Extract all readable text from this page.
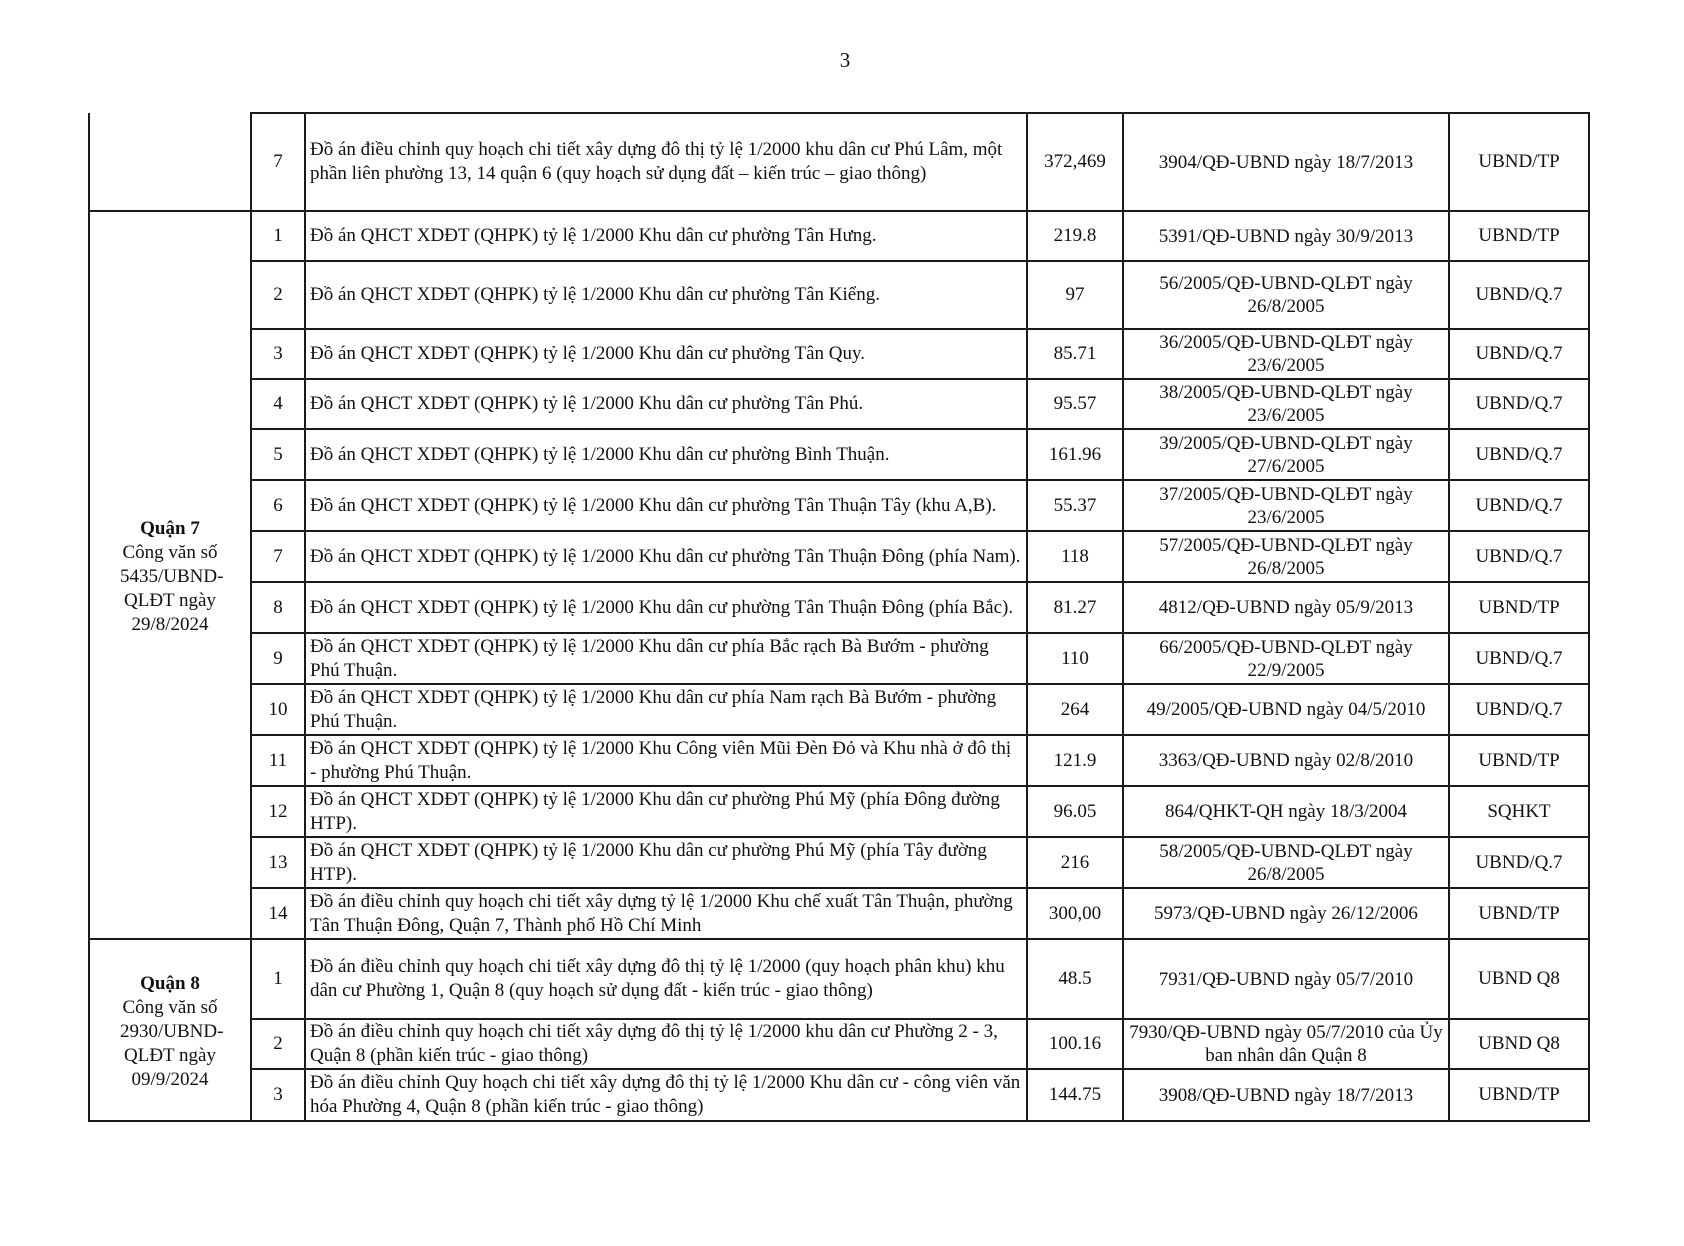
3
	7	Đồ án điều chỉnh quy hoạch chi tiết xây dựng đô thị tỷ lệ 1/2000 khu dân cư Phú Lâm, một phần liên phường 13, 14 quận 6 (quy hoạch sử dụng đất – kiến trúc – giao thông)	372,469	3904/QĐ-UBND ngày 18/7/2013	UBND/TP

Quận 7
Công văn số 5435/UBND-QLĐT ngày 29/8/2024	1	Đồ án QHCT XDĐT (QHPK) tỷ lệ 1/2000 Khu dân cư phường Tân Hưng.	219.8	5391/QĐ-UBND ngày 30/9/2013	UBND/TP
	2	Đồ án QHCT XDĐT (QHPK) tỷ lệ 1/2000 Khu dân cư phường Tân Kiểng.	97	56/2005/QĐ-UBND-QLĐT ngày 26/8/2005	UBND/Q.7
	3	Đồ án QHCT XDĐT (QHPK) tỷ lệ 1/2000 Khu dân cư phường Tân Quy.	85.71	36/2005/QĐ-UBND-QLĐT ngày 23/6/2005	UBND/Q.7
	4	Đồ án QHCT XDĐT (QHPK) tỷ lệ 1/2000 Khu dân cư phường Tân Phú.	95.57	38/2005/QĐ-UBND-QLĐT ngày 23/6/2005	UBND/Q.7
	5	Đồ án QHCT XDĐT (QHPK) tỷ lệ 1/2000 Khu dân cư phường Bình Thuận.	161.96	39/2005/QĐ-UBND-QLĐT ngày 27/6/2005	UBND/Q.7
	6	Đồ án QHCT XDĐT (QHPK) tỷ lệ 1/2000 Khu dân cư phường Tân Thuận Tây (khu A,B).	55.37	37/2005/QĐ-UBND-QLĐT ngày 23/6/2005	UBND/Q.7
	7	Đồ án QHCT XDĐT (QHPK) tỷ lệ 1/2000 Khu dân cư phường Tân Thuận Đông (phía Nam).	118	57/2005/QĐ-UBND-QLĐT ngày 26/8/2005	UBND/Q.7
	8	Đồ án QHCT XDĐT (QHPK) tỷ lệ 1/2000 Khu dân cư phường Tân Thuận Đông (phía Bắc).	81.27	4812/QĐ-UBND ngày 05/9/2013	UBND/TP
	9	Đồ án QHCT XDĐT (QHPK) tỷ lệ 1/2000 Khu dân cư phía Bắc rạch Bà Bướm - phường Phú Thuận.	110	66/2005/QĐ-UBND-QLĐT ngày 22/9/2005	UBND/Q.7
	10	Đồ án QHCT XDĐT (QHPK) tỷ lệ 1/2000 Khu dân cư phía Nam rạch Bà Bướm - phường Phú Thuận.	264	49/2005/QĐ-UBND ngày 04/5/2010	UBND/Q.7
	11	Đồ án QHCT XDĐT (QHPK) tỷ lệ 1/2000 Khu Công viên Mũi Đèn Đỏ và Khu nhà ở đô thị - phường Phú Thuận.	121.9	3363/QĐ-UBND ngày 02/8/2010	UBND/TP
	12	Đồ án QHCT XDĐT (QHPK) tỷ lệ 1/2000 Khu dân cư phường Phú Mỹ (phía Đông đường HTP).	96.05	864/QHKT-QH ngày 18/3/2004	SQHKT
	13	Đồ án QHCT XDĐT (QHPK) tỷ lệ 1/2000 Khu dân cư phường Phú Mỹ (phía Tây đường HTP).	216	58/2005/QĐ-UBND-QLĐT ngày 26/8/2005	UBND/Q.7
	14	Đồ án điều chỉnh quy hoạch chi tiết xây dựng tỷ lệ 1/2000 Khu chế xuất Tân Thuận, phường Tân Thuận Đông, Quận 7, Thành phố Hồ Chí Minh	300,00	5973/QĐ-UBND ngày 26/12/2006	UBND/TP

Quận 8
Công văn số 2930/UBND-QLĐT ngày 09/9/2024	1	Đồ án điều chỉnh quy hoạch chi tiết xây dựng đô thị tỷ lệ 1/2000 (quy hoạch phân khu) khu dân cư Phường 1, Quận 8 (quy hoạch sử dụng đất - kiến trúc - giao thông)	48.5	7931/QĐ-UBND ngày 05/7/2010	UBND Q8
	2	Đồ án điều chỉnh quy hoạch chi tiết xây dựng đô thị tỷ lệ 1/2000 khu dân cư Phường 2 - 3, Quận 8 (phần kiến trúc - giao thông)	100.16	7930/QĐ-UBND ngày 05/7/2010 của Ủy ban nhân dân Quận 8	UBND Q8
	3	Đồ án điều chỉnh Quy hoạch chi tiết xây dựng đô thị tỷ lệ 1/2000 Khu dân cư - công viên văn hóa Phường 4, Quận 8 (phần kiến trúc - giao thông)	144.75	3908/QĐ-UBND ngày 18/7/2013	UBND/TP
